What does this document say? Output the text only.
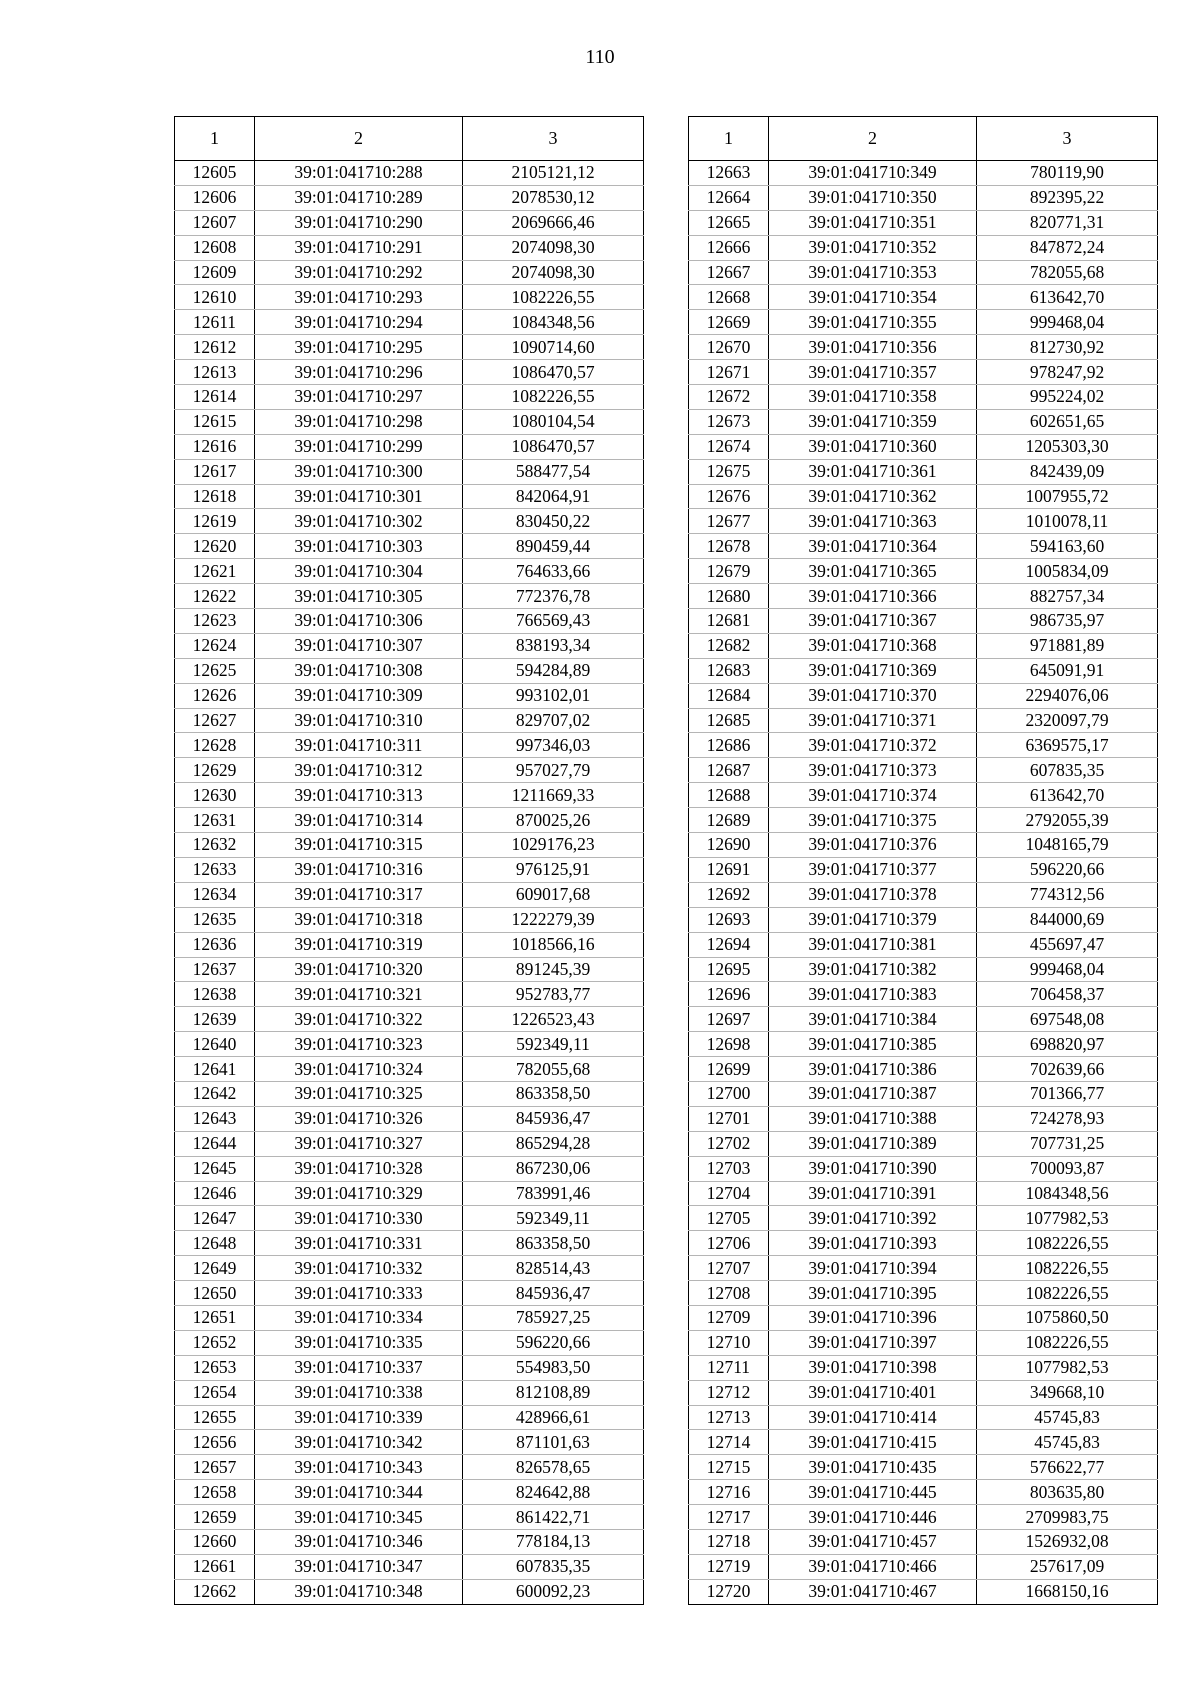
110
1	2	3
12605	39:01:041710:288	2105121,12
12606	39:01:041710:289	2078530,12
12607	39:01:041710:290	2069666,46
12608	39:01:041710:291	2074098,30
12609	39:01:041710:292	2074098,30
12610	39:01:041710:293	1082226,55
12611	39:01:041710:294	1084348,56
12612	39:01:041710:295	1090714,60
12613	39:01:041710:296	1086470,57
12614	39:01:041710:297	1082226,55
12615	39:01:041710:298	1080104,54
12616	39:01:041710:299	1086470,57
12617	39:01:041710:300	588477,54
12618	39:01:041710:301	842064,91
12619	39:01:041710:302	830450,22
12620	39:01:041710:303	890459,44
12621	39:01:041710:304	764633,66
12622	39:01:041710:305	772376,78
12623	39:01:041710:306	766569,43
12624	39:01:041710:307	838193,34
12625	39:01:041710:308	594284,89
12626	39:01:041710:309	993102,01
12627	39:01:041710:310	829707,02
12628	39:01:041710:311	997346,03
12629	39:01:041710:312	957027,79
12630	39:01:041710:313	1211669,33
12631	39:01:041710:314	870025,26
12632	39:01:041710:315	1029176,23
12633	39:01:041710:316	976125,91
12634	39:01:041710:317	609017,68
12635	39:01:041710:318	1222279,39
12636	39:01:041710:319	1018566,16
12637	39:01:041710:320	891245,39
12638	39:01:041710:321	952783,77
12639	39:01:041710:322	1226523,43
12640	39:01:041710:323	592349,11
12641	39:01:041710:324	782055,68
12642	39:01:041710:325	863358,50
12643	39:01:041710:326	845936,47
12644	39:01:041710:327	865294,28
12645	39:01:041710:328	867230,06
12646	39:01:041710:329	783991,46
12647	39:01:041710:330	592349,11
12648	39:01:041710:331	863358,50
12649	39:01:041710:332	828514,43
12650	39:01:041710:333	845936,47
12651	39:01:041710:334	785927,25
12652	39:01:041710:335	596220,66
12653	39:01:041710:337	554983,50
12654	39:01:041710:338	812108,89
12655	39:01:041710:339	428966,61
12656	39:01:041710:342	871101,63
12657	39:01:041710:343	826578,65
12658	39:01:041710:344	824642,88
12659	39:01:041710:345	861422,71
12660	39:01:041710:346	778184,13
12661	39:01:041710:347	607835,35
12662	39:01:041710:348	600092,23
1	2	3
12663	39:01:041710:349	780119,90
12664	39:01:041710:350	892395,22
12665	39:01:041710:351	820771,31
12666	39:01:041710:352	847872,24
12667	39:01:041710:353	782055,68
12668	39:01:041710:354	613642,70
12669	39:01:041710:355	999468,04
12670	39:01:041710:356	812730,92
12671	39:01:041710:357	978247,92
12672	39:01:041710:358	995224,02
12673	39:01:041710:359	602651,65
12674	39:01:041710:360	1205303,30
12675	39:01:041710:361	842439,09
12676	39:01:041710:362	1007955,72
12677	39:01:041710:363	1010078,11
12678	39:01:041710:364	594163,60
12679	39:01:041710:365	1005834,09
12680	39:01:041710:366	882757,34
12681	39:01:041710:367	986735,97
12682	39:01:041710:368	971881,89
12683	39:01:041710:369	645091,91
12684	39:01:041710:370	2294076,06
12685	39:01:041710:371	2320097,79
12686	39:01:041710:372	6369575,17
12687	39:01:041710:373	607835,35
12688	39:01:041710:374	613642,70
12689	39:01:041710:375	2792055,39
12690	39:01:041710:376	1048165,79
12691	39:01:041710:377	596220,66
12692	39:01:041710:378	774312,56
12693	39:01:041710:379	844000,69
12694	39:01:041710:381	455697,47
12695	39:01:041710:382	999468,04
12696	39:01:041710:383	706458,37
12697	39:01:041710:384	697548,08
12698	39:01:041710:385	698820,97
12699	39:01:041710:386	702639,66
12700	39:01:041710:387	701366,77
12701	39:01:041710:388	724278,93
12702	39:01:041710:389	707731,25
12703	39:01:041710:390	700093,87
12704	39:01:041710:391	1084348,56
12705	39:01:041710:392	1077982,53
12706	39:01:041710:393	1082226,55
12707	39:01:041710:394	1082226,55
12708	39:01:041710:395	1082226,55
12709	39:01:041710:396	1075860,50
12710	39:01:041710:397	1082226,55
12711	39:01:041710:398	1077982,53
12712	39:01:041710:401	349668,10
12713	39:01:041710:414	45745,83
12714	39:01:041710:415	45745,83
12715	39:01:041710:435	576622,77
12716	39:01:041710:445	803635,80
12717	39:01:041710:446	2709983,75
12718	39:01:041710:457	1526932,08
12719	39:01:041710:466	257617,09
12720	39:01:041710:467	1668150,16
